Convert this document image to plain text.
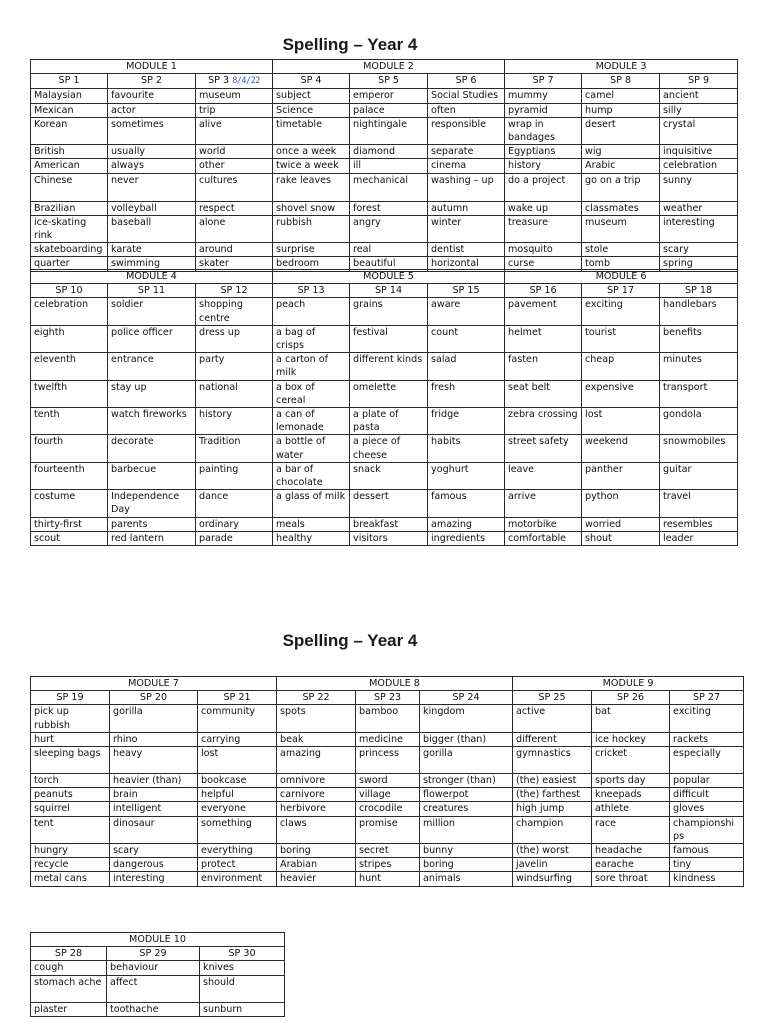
Spelling – Year 4
MODULE 1			MODULE 2			MODULE 3		
SP 1	SP 2	SP 3 8/4/22	SP 4	SP 5	SP 6	SP 7	SP 8	SP 9
Malaysian	favourite	museum	subject	emperor	Social Studies	mummy	camel	ancient
Mexican	actor	trip	Science	palace	often	pyramid	hump	silly
Korean	sometimes	alive	timetable	nightingale	responsible	wrap in bandages	desert	crystal
British	usually	world	once a week	diamond	separate	Egyptians	wig	inquisitive
American	always	other	twice a week	ill	cinema	history	Arabic	celebration
Chinese	never	cultures	rake leaves	mechanical	washing – up	do a project	go on a trip	sunny
Brazilian	volleyball	respect	shovel snow	forest	autumn	wake up	classmates	weather
ice-skating rink	baseball	alone	rubbish	angry	winter	treasure	museum	interesting
skateboarding	karate	around	surprise	real	dentist	mosquito	stole	scary
quarter	swimming	skater	bedroom	beautiful	horizontal	curse	tomb	spring
MODULE 4			MODULE 5			MODULE 6		
SP 10	SP 11	SP 12	SP 13	SP 14	SP 15	SP 16	SP 17	SP 18
celebration	soldier	shopping centre	peach	grains	aware	pavement	exciting	handlebars
eighth	police officer	dress up	a bag of crisps	festival	count	helmet	tourist	benefits
eleventh	entrance	party	a carton of milk	different kinds	salad	fasten	cheap	minutes
twelfth	stay up	national	a box of cereal	omelette	fresh	seat belt	expensive	transport
tenth	watch fireworks	history	a can of lemonade	a plate of pasta	fridge	zebra crossing	lost	gondola
fourth	decorate	Tradition	a bottle of water	a piece of cheese	habits	street safety	weekend	snowmobiles
fourteenth	barbecue	painting	a bar of chocolate	snack	yoghurt	leave	panther	guitar
costume	Independence Day	dance	a glass of milk	dessert	famous	arrive	python	travel
thirty-first	parents	ordinary	meals	breakfast	amazing	motorbike	worried	resembles
scout	red lantern	parade	healthy	visitors	ingredients	comfortable	shout	leader
Spelling – Year 4
MODULE 7			MODULE 8			MODULE 9		
SP 19	SP 20	SP 21	SP 22	SP 23	SP 24	SP 25	SP 26	SP 27
pick up rubbish	gorilla	community	spots	bamboo	kingdom	active	bat	exciting
hurt	rhino	carrying	beak	medicine	bigger (than)	different	ice hockey	rackets
sleeping bags	heavy	lost	amazing	princess	gorilla	gymnastics	cricket	especially
torch	heavier (than)	bookcase	omnivore	sword	stronger (than)	(the) easiest	sports day	popular
peanuts	brain	helpful	carnivore	village	flowerpot	(the) farthest	kneepads	difficult
squirrel	intelligent	everyone	herbivore	crocodile	creatures	high jump	athlete	gloves
tent	dinosaur	something	claws	promise	million	champion	race	championships
hungry	scary	everything	boring	secret	bunny	(the) worst	headache	famous
recycle	dangerous	protect	Arabian	stripes	boring	javelin	earache	tiny
metal cans	interesting	environment	heavier	hunt	animals	windsurfing	sore throat	kindness
MODULE 10		
SP 28	SP 29	SP 30
cough	behaviour	knives
stomach ache	affect	should
plaster	toothache	sunburn
